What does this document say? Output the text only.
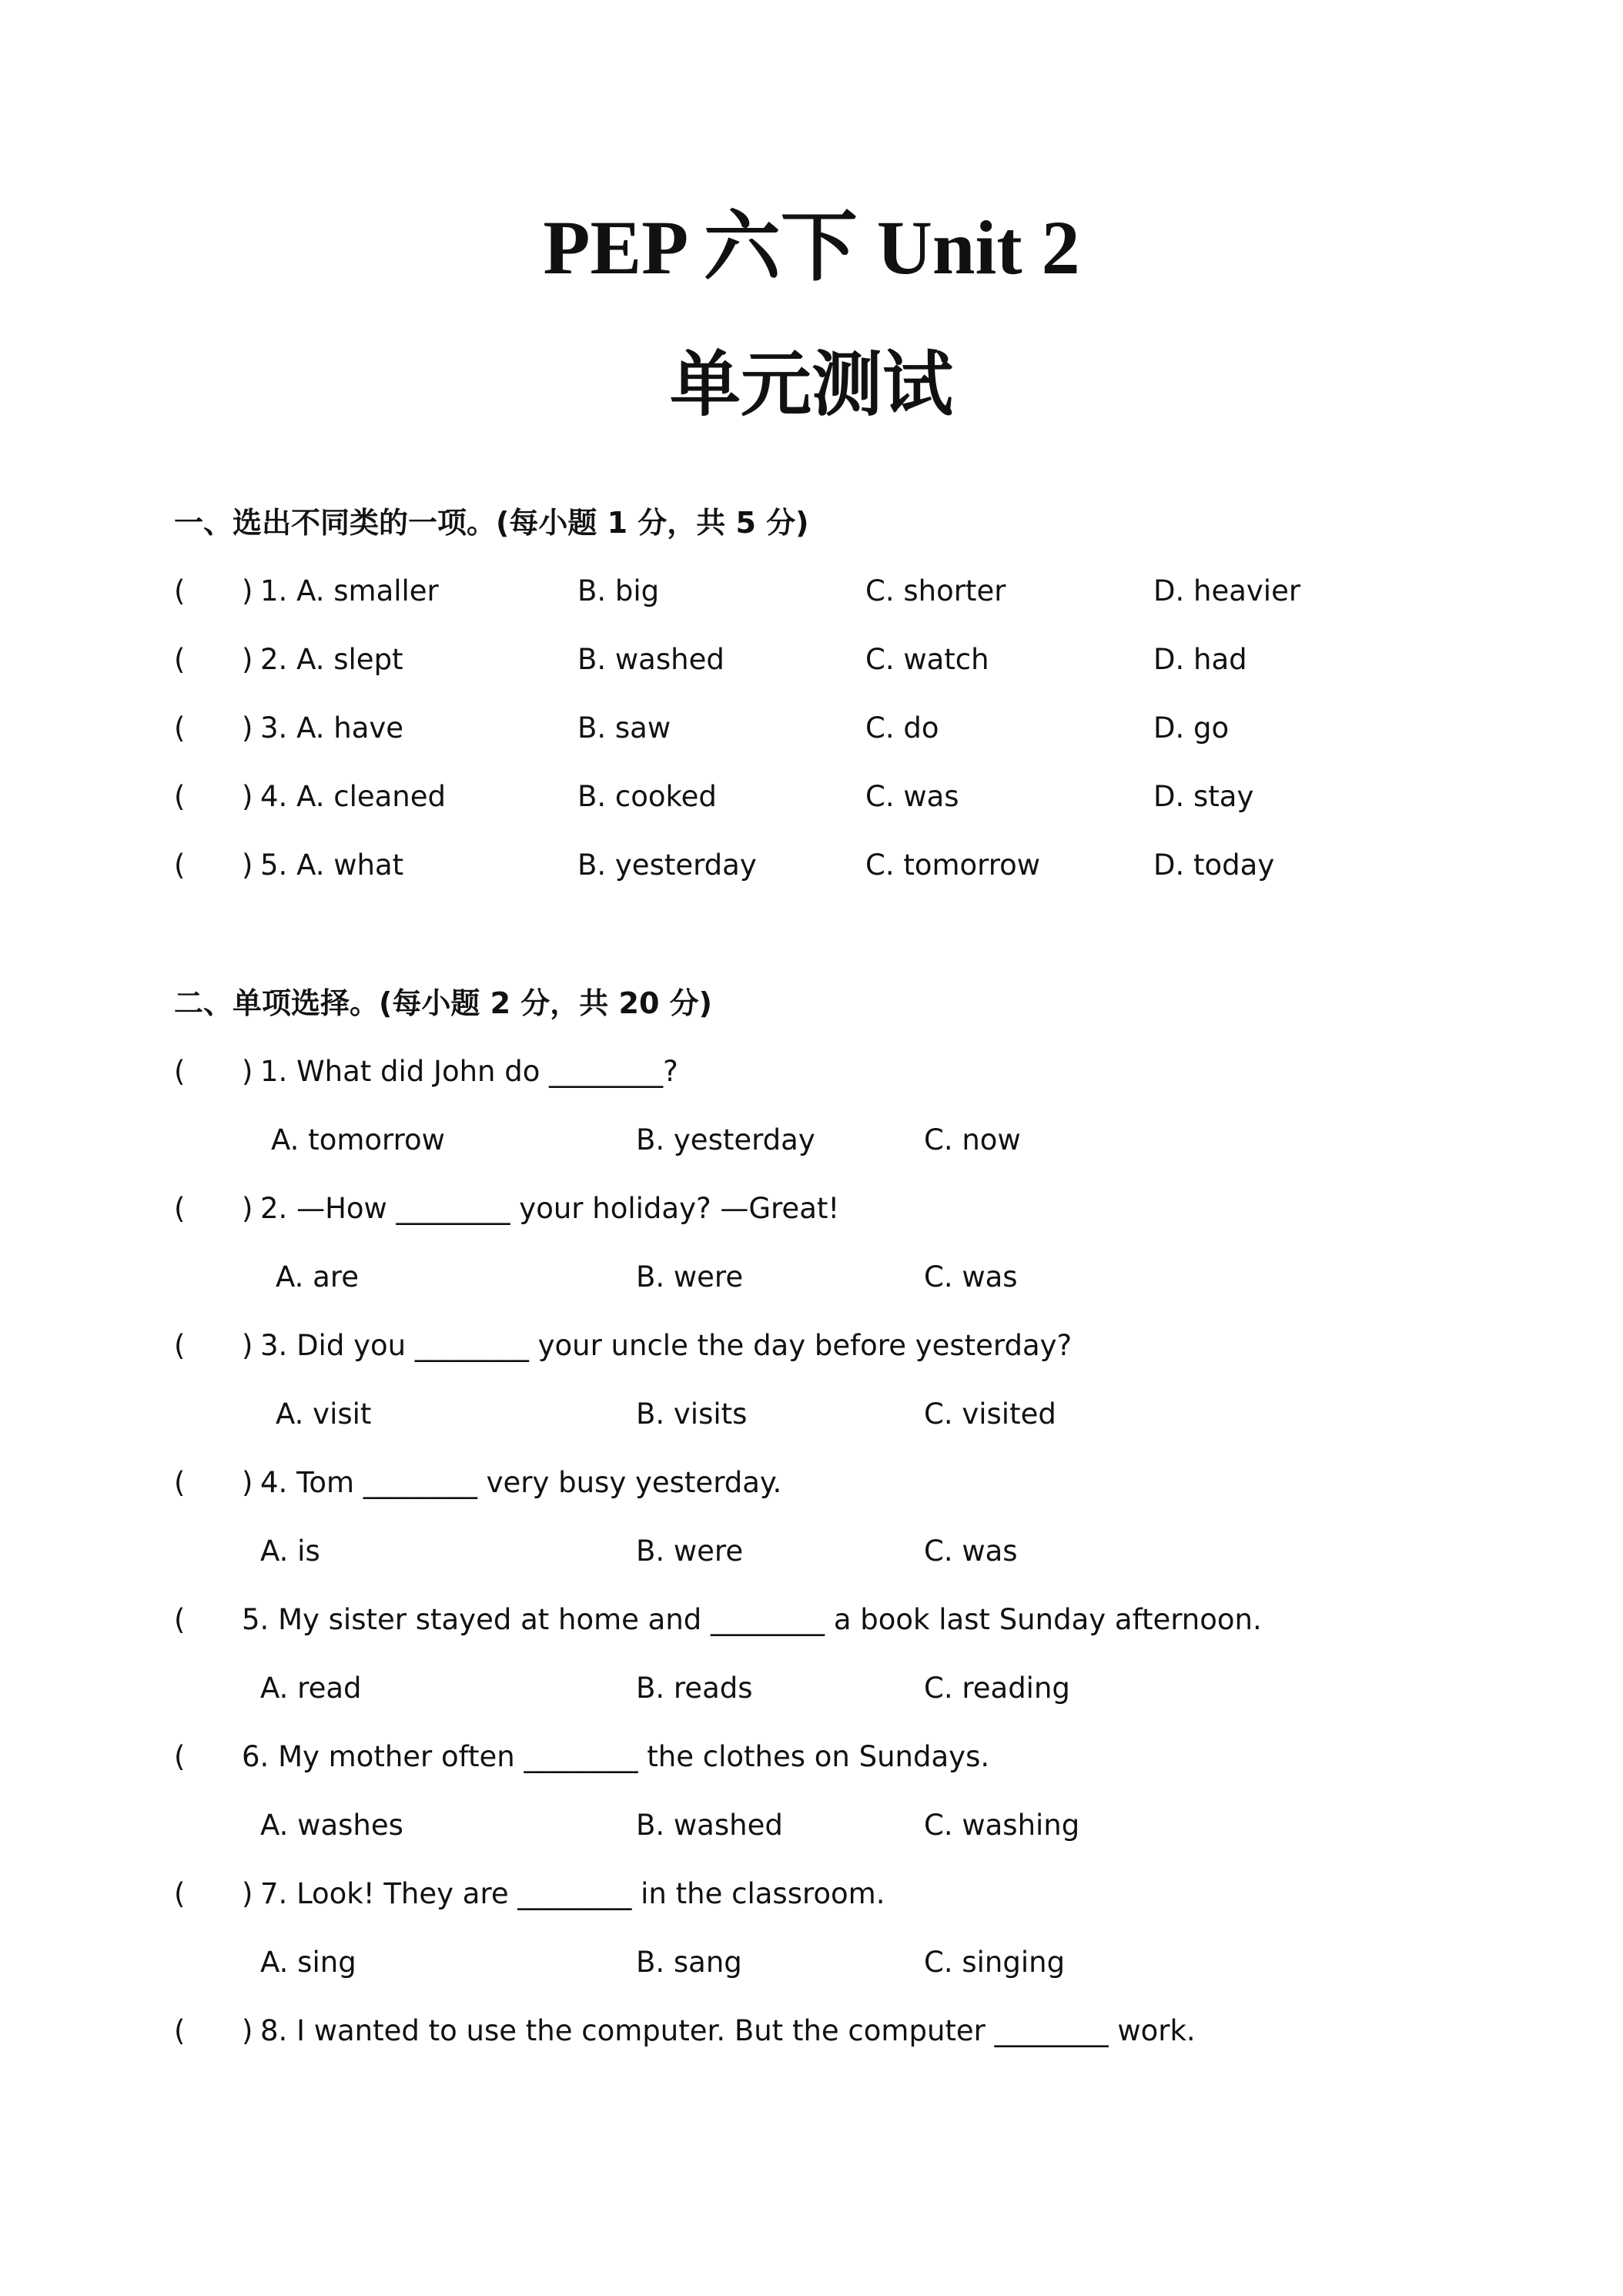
PEP 六下 Unit 2
单元测试
一、选出不同类的一项。(每小题 1 分，共 5 分)
( ) 1. A. smaller	B. big	C. shorter	D. heavier
( ) 2. A. slept	B. washed	C. watch	D. had
( ) 3. A. have	B. saw	C. do	D. go
( ) 4. A. cleaned	B. cooked	C. was	D. stay
( ) 5. A. what	B. yesterday	C. tomorrow	D. today
二、单项选择。(每小题 2 分，共 20 分)
( ) 1. What did John do ________?
A. tomorrow	B. yesterday	C. now
( ) 2. —How ________ your holiday? —Great!
A. are	B. were	C. was
( ) 3. Did you ________ your uncle the day before yesterday?
A. visit	B. visits	C. visited
( ) 4. Tom ________ very busy yesterday.
A. is	B. were	C. was
( 5. My sister stayed at home and ________ a book last Sunday afternoon.
A. read	B. reads	C. reading
( 6. My mother often ________ the clothes on Sundays.
A. washes	B. washed	C. washing
( ) 7. Look! They are ________ in the classroom.
A. sing	B. sang	C. singing
( ) 8. I wanted to use the computer. But the computer ________ work.
